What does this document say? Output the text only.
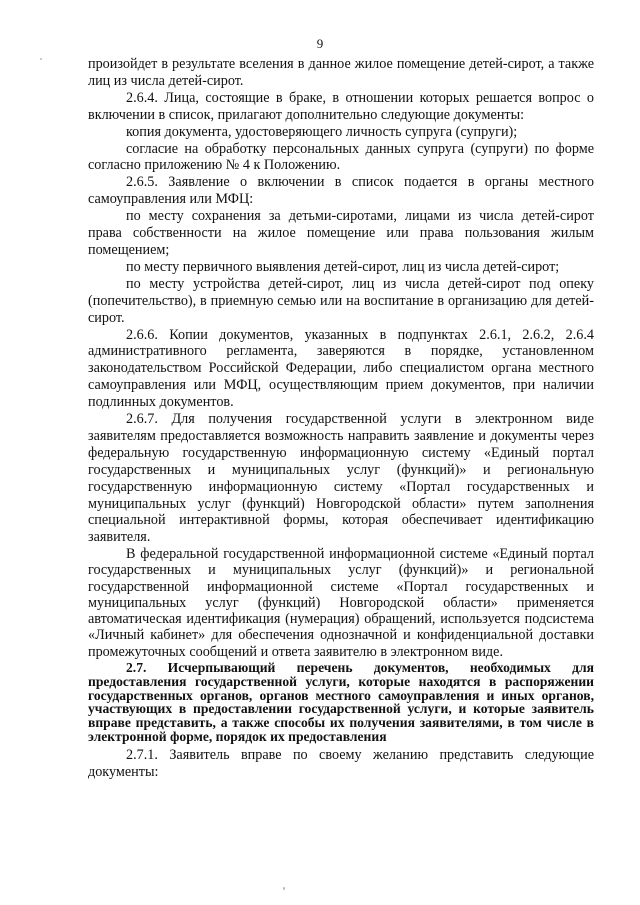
9

произойдет в результате вселения в данное жилое помещение детей-сирот, а также лиц из числа детей-сирот.

2.6.4. Лица, состоящие в браке, в отношении которых решается вопрос о включении в список, прилагают дополнительно следующие документы:

копия документа, удостоверяющего личность супруга (супруги);

согласие на обработку персональных данных супруга (супруги) по форме согласно приложению № 4 к Положению.

2.6.5. Заявление о включении в список подается в органы местного самоуправления или МФЦ:

по месту сохранения за детьми-сиротами, лицами из числа детей-сирот права собственности на жилое помещение или права пользования жилым помещением;

по месту первичного выявления детей-сирот, лиц из числа детей-сирот;

по месту устройства детей-сирот, лиц из числа детей-сирот под опеку (попечительство), в приемную семью или на воспитание в организацию для детей-сирот.

2.6.6. Копии документов, указанных в подпунктах 2.6.1, 2.6.2, 2.6.4 административного регламента, заверяются в порядке, установленном законодательством Российской Федерации, либо специалистом органа местного самоуправления или МФЦ, осуществляющим прием документов, при наличии подлинных документов.

2.6.7. Для получения государственной услуги в электронном виде заявителям предоставляется возможность направить заявление и документы через федеральную государственную информационную систему «Единый портал государственных и муниципальных услуг (функций)» и региональную государственную информационную систему «Портал государственных и муниципальных услуг (функций) Новгородской области» путем заполнения специальной интерактивной формы, которая обеспечивает идентификацию заявителя.

В федеральной государственной информационной системе «Единый портал государственных и муниципальных услуг (функций)» и региональной государственной информационной системе «Портал государственных и муниципальных услуг (функций) Новгородской области» применяется автоматическая идентификация (нумерация) обращений, используется подсистема «Личный кабинет» для обеспечения однозначной и конфиденциальной доставки промежуточных сообщений и ответа заявителю в электронном виде.

2.7. Исчерпывающий перечень документов, необходимых для предоставления государственной услуги, которые находятся в распоряжении государственных органов, органов местного самоуправления и иных органов, участвующих в предоставлении государственной услуги, и которые заявитель вправе представить, а также способы их получения заявителями, в том числе в электронной форме, порядок их предоставления

2.7.1. Заявитель вправе по своему желанию представить следующие документы:
